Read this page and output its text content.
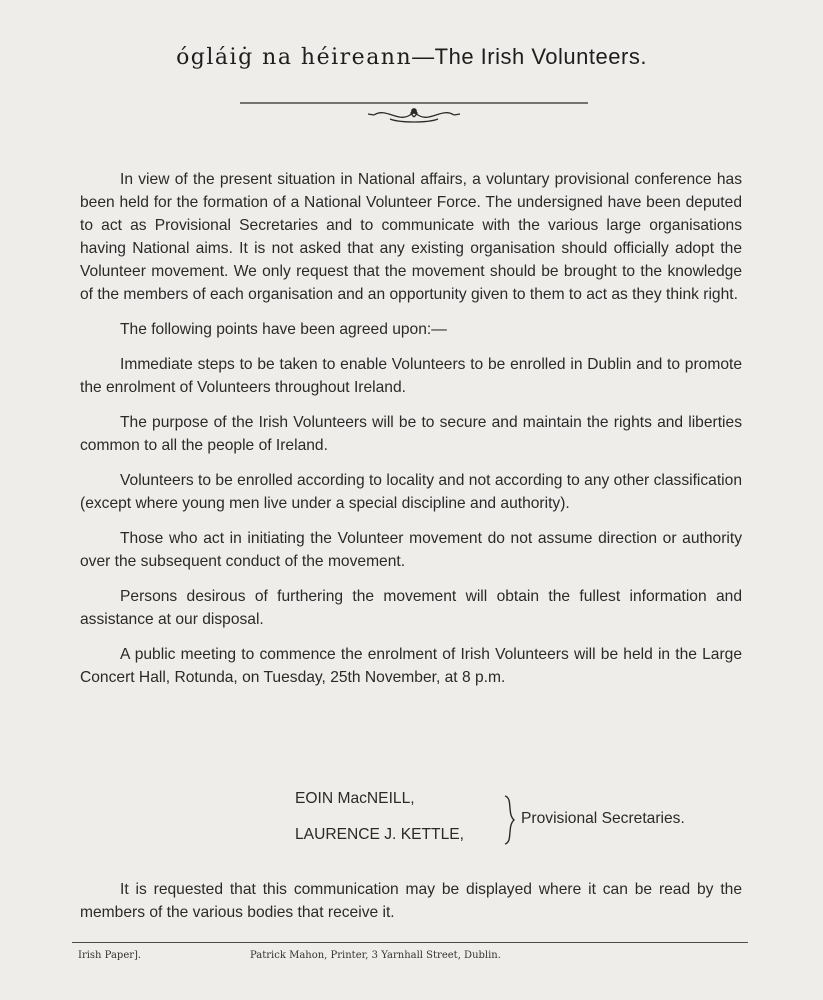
ógláiġ na héireann—The Irish Volunteers.

In view of the present situation in National affairs, a voluntary provisional conference has been held for the formation of a National Volunteer Force. The undersigned have been deputed to act as Provisional Secretaries and to communicate with the various large organisations having National aims. It is not asked that any existing organisation should officially adopt the Volunteer movement. We only request that the movement should be brought to the knowledge of the members of each organisation and an opportunity given to them to act as they think right.

The following points have been agreed upon:—

Immediate steps to be taken to enable Volunteers to be enrolled in Dublin and to promote the enrolment of Volunteers throughout Ireland.

The purpose of the Irish Volunteers will be to secure and maintain the rights and liberties common to all the people of Ireland.

Volunteers to be enrolled according to locality and not according to any other classification (except where young men live under a special discipline and authority).

Those who act in initiating the Volunteer movement do not assume direction or authority over the subsequent conduct of the movement.

Persons desirous of furthering the movement will obtain the fullest information and assistance at our disposal.

A public meeting to commence the enrolment of Irish Volunteers will be held in the Large Concert Hall, Rotunda, on Tuesday, 25th November, at 8 p.m.

EOIN MacNEILL,
LAURENCE J. KETTLE,
Provisional Secretaries.

It is requested that this communication may be displayed where it can be read by the members of the various bodies that receive it.

Irish Paper].	Patrick Mahon, Printer, 3 Yarnhall Street, Dublin.
